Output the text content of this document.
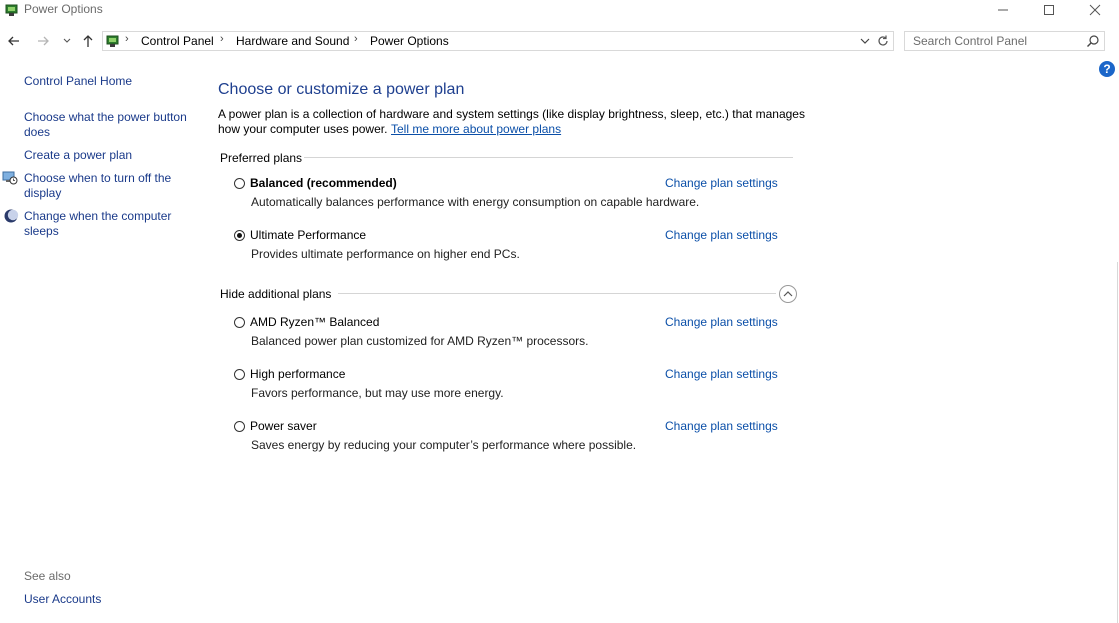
Power Options
› Control Panel › Hardware and Sound › Power Options
Search Control Panel
?
Control Panel Home
Choose what the power button
does
Create a power plan
Choose when to turn off the
display
Change when the computer
sleeps
See also
User Accounts
Choose or customize a power plan
A power plan is a collection of hardware and system settings (like display brightness, sleep, etc.) that manages
how your computer uses power. Tell me more about power plans
Preferred plans
Balanced (recommended)
Automatically balances performance with energy consumption on capable hardware.
Change plan settings
Ultimate Performance
Provides ultimate performance on higher end PCs.
Change plan settings
Hide additional plans
AMD Ryzen™ Balanced
Balanced power plan customized for AMD Ryzen™ processors.
Change plan settings
High performance
Favors performance, but may use more energy.
Change plan settings
Power saver
Saves energy by reducing your computer’s performance where possible.
Change plan settings
